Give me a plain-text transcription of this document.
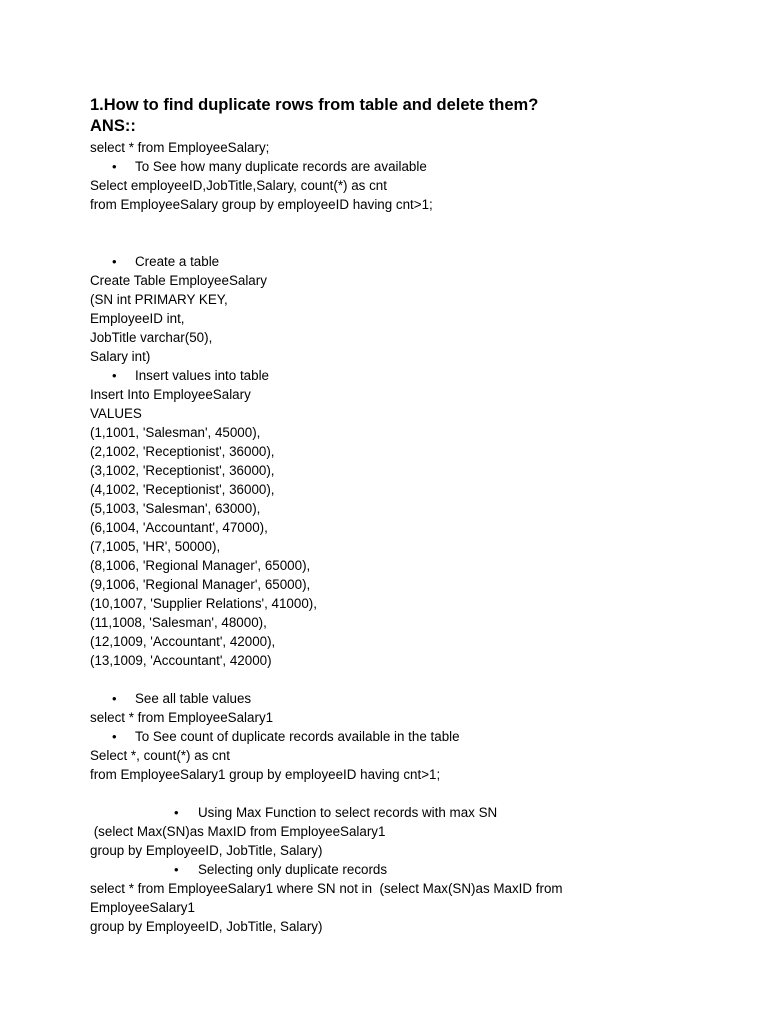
1.How to find duplicate rows from table and delete them?
ANS::
select * from EmployeeSalary;
• To See how many duplicate records are available
Select employeeID,JobTitle,Salary, count(*) as cnt
from EmployeeSalary group by employeeID having cnt>1;
• Create a table
Create Table EmployeeSalary
(SN int PRIMARY KEY,
EmployeeID int,
JobTitle varchar(50),
Salary int)
• Insert values into table
Insert Into EmployeeSalary
VALUES
(1,1001, 'Salesman', 45000),
(2,1002, 'Receptionist', 36000),
(3,1002, 'Receptionist', 36000),
(4,1002, 'Receptionist', 36000),
(5,1003, 'Salesman', 63000),
(6,1004, 'Accountant', 47000),
(7,1005, 'HR', 50000),
(8,1006, 'Regional Manager', 65000),
(9,1006, 'Regional Manager', 65000),
(10,1007, 'Supplier Relations', 41000),
(11,1008, 'Salesman', 48000),
(12,1009, 'Accountant', 42000),
(13,1009, 'Accountant', 42000)
• See all table values
select * from EmployeeSalary1
• To See count of duplicate records available in the table
Select *, count(*) as cnt
from EmployeeSalary1 group by employeeID having cnt>1;
• Using Max Function to select records with max SN
(select Max(SN)as MaxID from EmployeeSalary1
group by EmployeeID, JobTitle, Salary)
• Selecting only duplicate records
select * from EmployeeSalary1 where SN not in  (select Max(SN)as MaxID from
EmployeeSalary1
group by EmployeeID, JobTitle, Salary)
